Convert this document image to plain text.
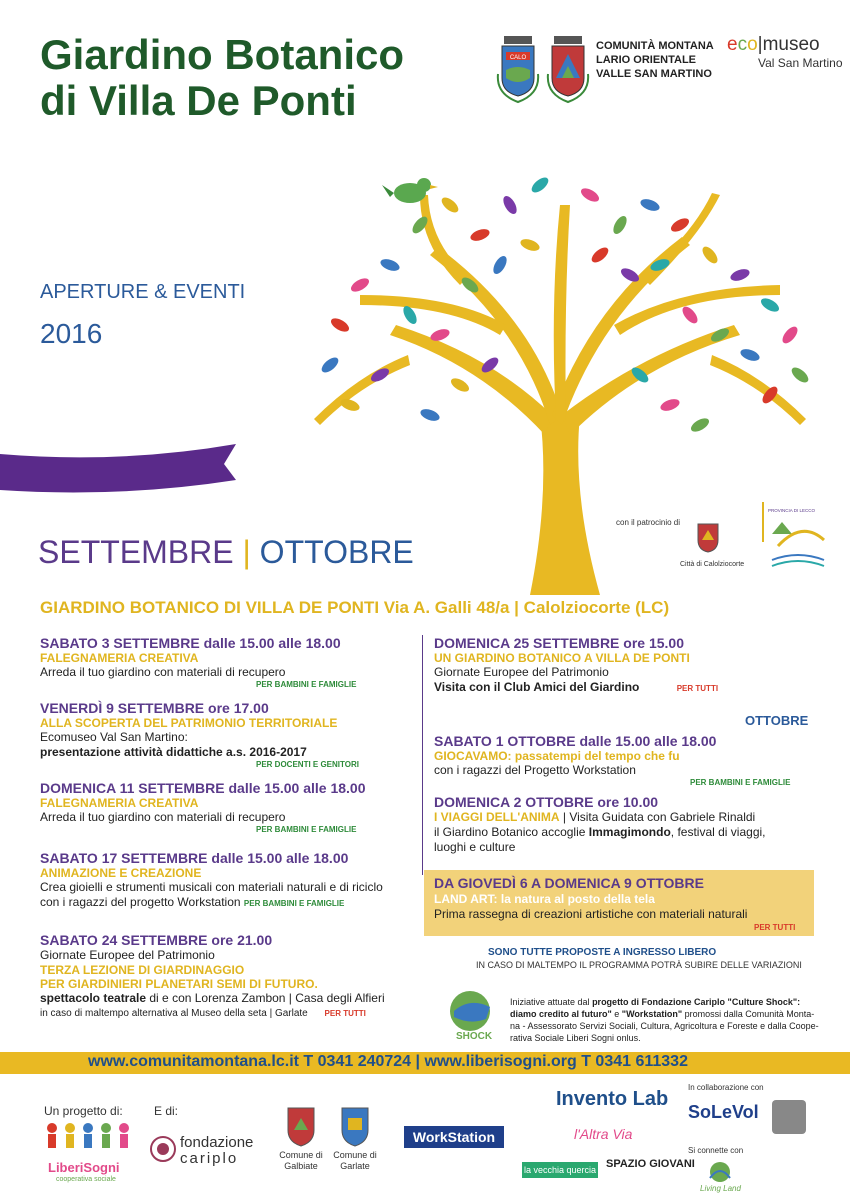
Giardino Botanico
di Villa De Ponti
CALO
COMUNITÀ MONTANA
LARIO ORIENTALE
VALLE SAN MARTINO
eco|museo
Val San Martino
APERTURE & EVENTI
2016
con il patrocinio di
Città di Calolziocorte
PROVINCIA DI LECCO
SETTEMBRE | OTTOBRE
GIARDINO BOTANICO DI VILLA DE PONTI Via A. Galli 48/a | Calolziocorte (LC)
SABATO 3 SETTEMBRE dalle 15.00 alle 18.00
FALEGNAMERIA CREATIVA
Arreda il tuo giardino con materiali di recupero
PER BAMBINI E FAMIGLIE
VENERDÌ 9 SETTEMBRE ore 17.00
ALLA SCOPERTA DEL PATRIMONIO TERRITORIALE
Ecomuseo Val San Martino:
presentazione attività didattiche a.s. 2016-2017
PER DOCENTI E GENITORI
DOMENICA 11 SETTEMBRE dalle 15.00 alle 18.00
FALEGNAMERIA CREATIVA
Arreda il tuo giardino con materiali di recupero
PER BAMBINI E FAMIGLIE
SABATO 17 SETTEMBRE dalle 15.00 alle 18.00
ANIMAZIONE E CREAZIONE
Crea gioielli e strumenti musicali con materiali naturali e di riciclo
con i ragazzi del progetto Workstation PER BAMBINI E FAMIGLIE
SABATO 24 SETTEMBRE ore 21.00
Giornate Europee del Patrimonio
TERZA LEZIONE DI GIARDINAGGIO
PER GIARDINIERI PLANETARI SEMI DI FUTURO.
spettacolo teatrale di e con Lorenza Zambon | Casa degli Alfieri
in caso di maltempo alternativa al Museo della seta | Garlate PER TUTTI
DOMENICA 25 SETTEMBRE ore 15.00
UN GIARDINO BOTANICO A VILLA DE PONTI
Giornate Europee del Patrimonio
Visita con il Club Amici del Giardino	PER TUTTI
OTTOBRE
SABATO 1 OTTOBRE dalle 15.00 alle 18.00
GIOCAVAMO: passatempi del tempo che fu
con i ragazzi del Progetto Workstation
PER BAMBINI E FAMIGLIE
DOMENICA 2 OTTOBRE ore 10.00
I VIAGGI DELL'ANIMA | Visita Guidata con Gabriele Rinaldi
il Giardino Botanico accoglie Immagimondo, festival di viaggi,
luoghi e culture
DA GIOVEDÌ 6 A DOMENICA 9 OTTOBRE
LAND ART: la natura al posto della tela
Prima rassegna di creazioni artistiche con materiali naturali
PER TUTTI
SONO TUTTE PROPOSTE A INGRESSO LIBERO
IN CASO DI MALTEMPO IL PROGRAMMA POTRÀ SUBIRE DELLE VARIAZIONI
SHOCK
Iniziative attuate dal progetto di Fondazione Cariplo "Culture Shock":
diamo credito al futuro" e "Workstation" promossi dalla Comunità Monta-
na - Assessorato Servizi Sociali, Cultura, Agricoltura e Foreste e dalla Coope-
rativa Sociale Liberi Sogni onlus.
www.comunitamontana.lc.it T 0341 240724 | www.liberisogni.org T 0341 611332
Un progetto di:
LiberiSogni
cooperativa sociale
E di:
fondazione
cariplo	Comune di Galbiate
Comune di Garlate
WorkStation
Invento Lab
l'Altra Via
la vecchia quercia SPAZIO GIOVANI
In collaborazione con
SoLeVol
Si connette con
Living Land
